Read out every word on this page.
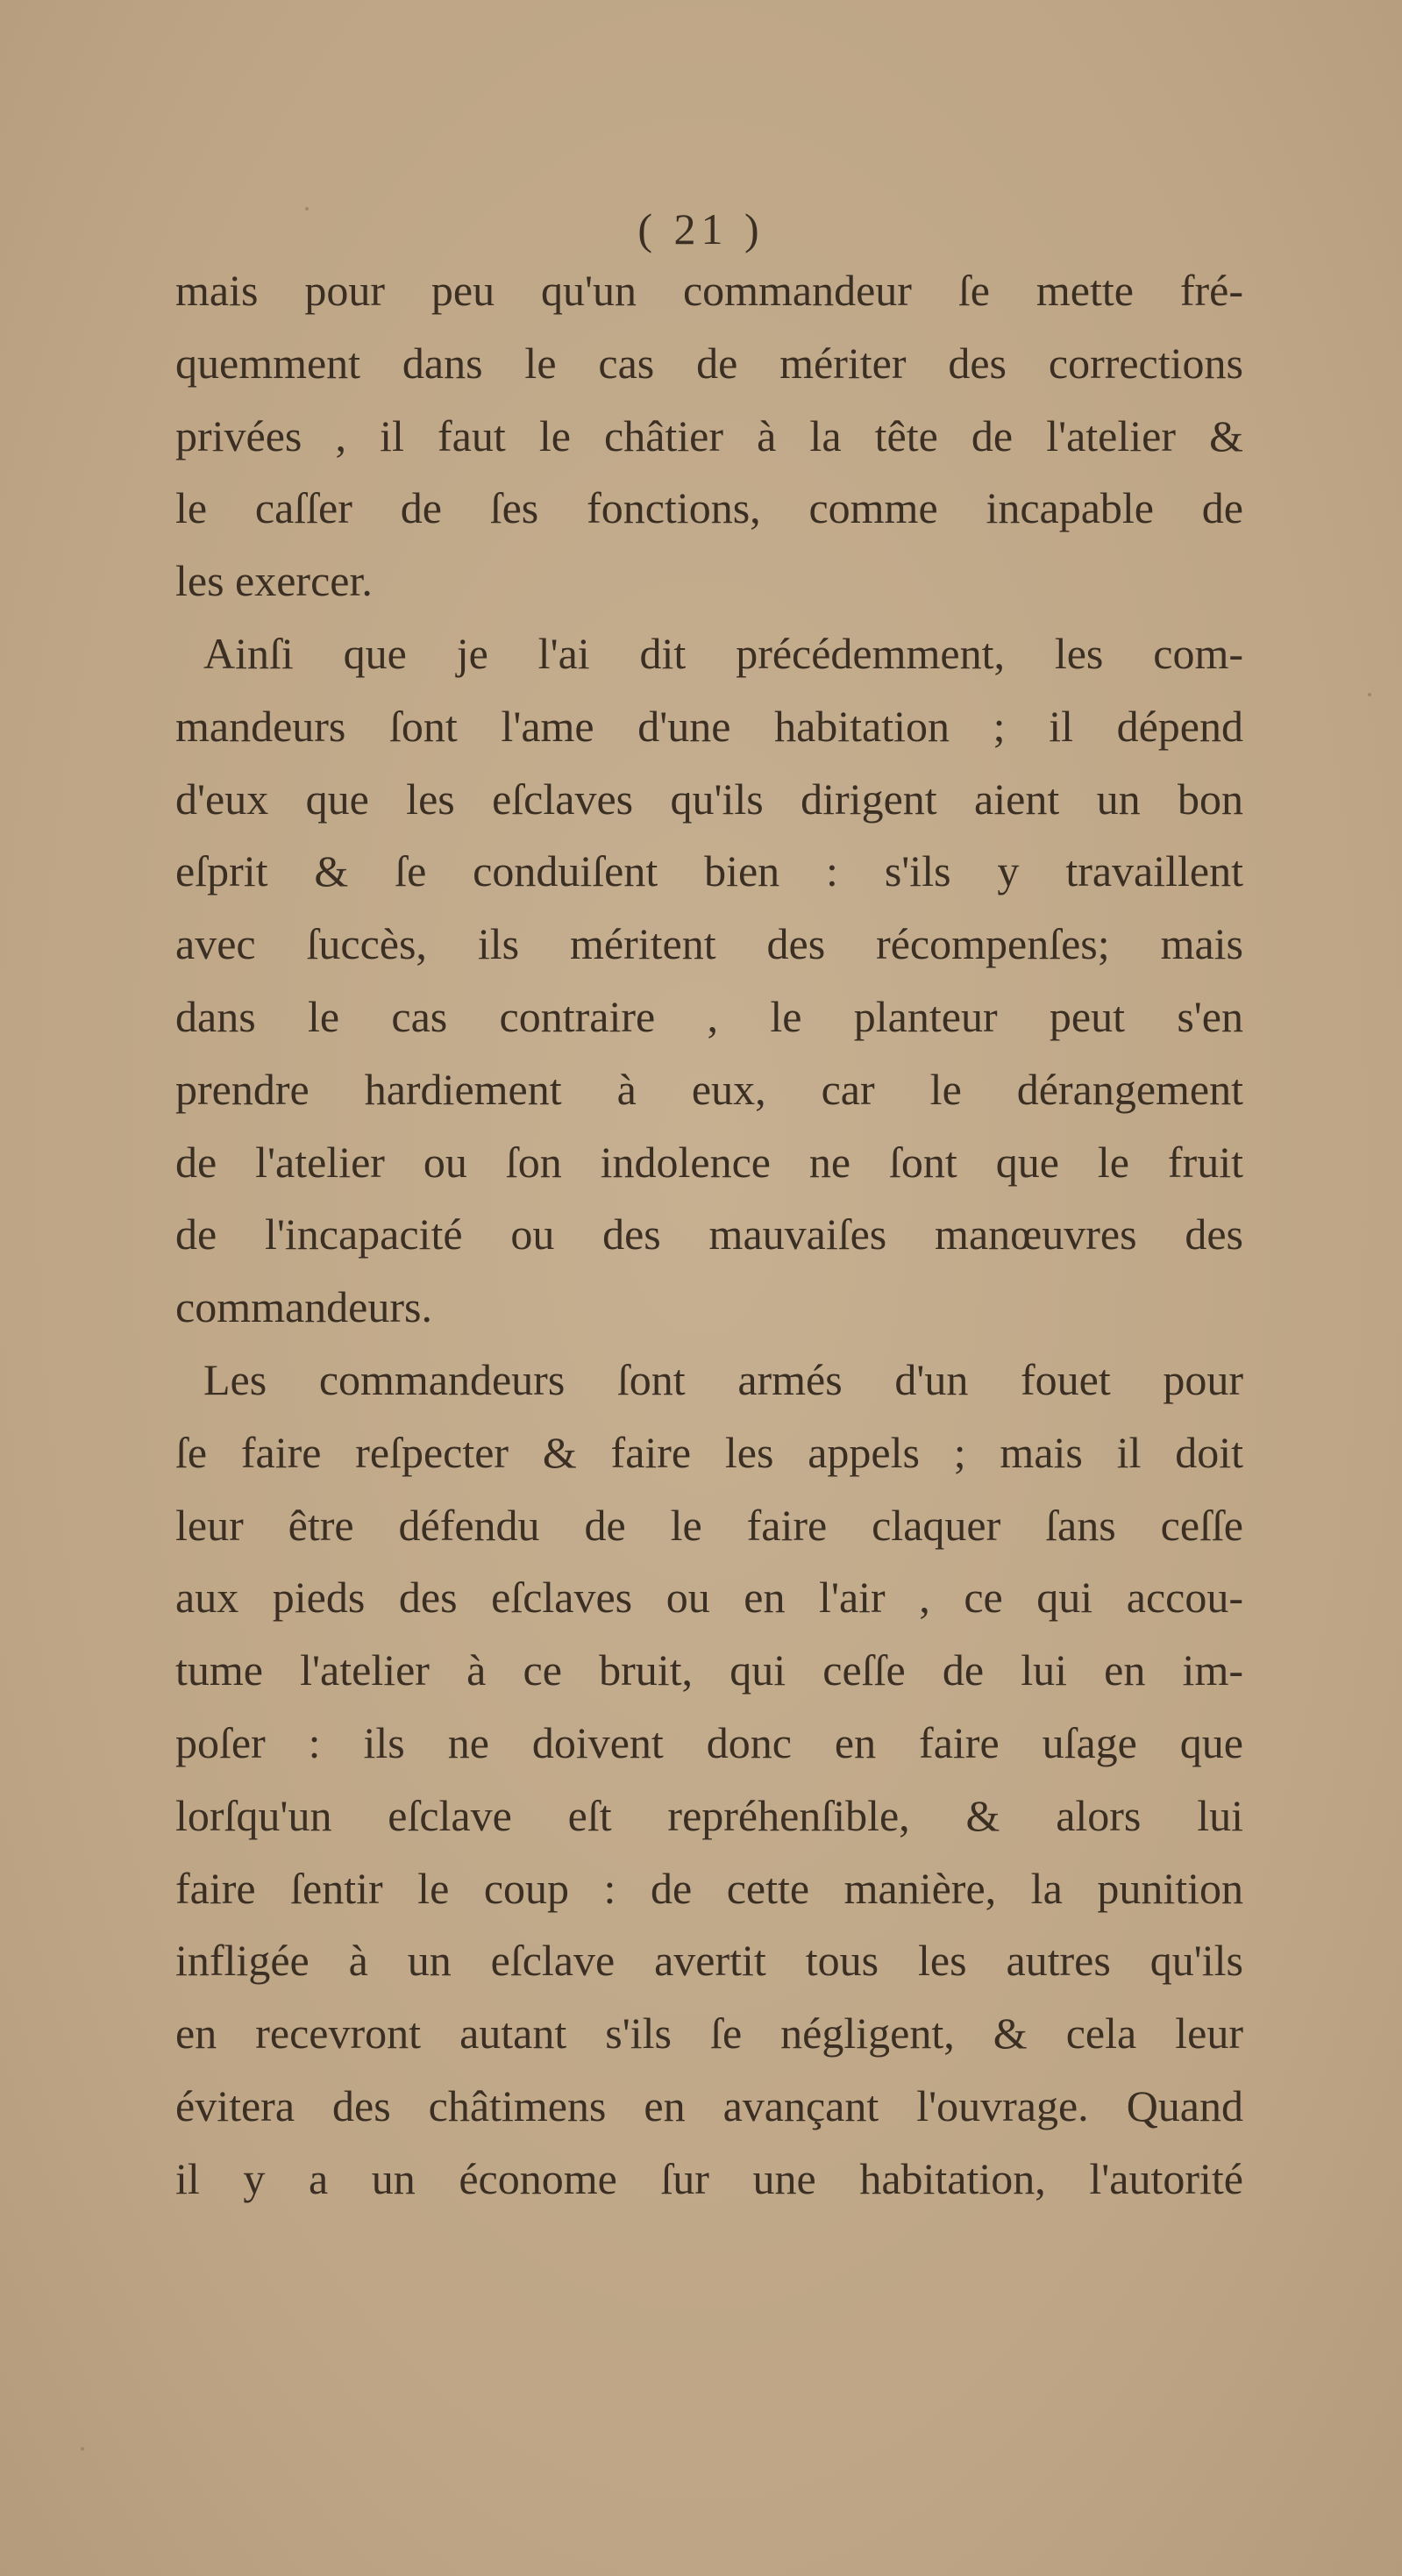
( 21 )
mais pour peu qu'un commandeur ſe mette fré-
quemment dans le cas de mériter des corrections
privées , il faut le châtier à la tête de l'atelier &
le caſſer de ſes fonctions, comme incapable de
les exercer.
Ainſi que je l'ai dit précédemment, les com-
mandeurs ſont l'ame d'une habitation ; il dépend
d'eux que les eſclaves qu'ils dirigent aient un bon
eſprit & ſe conduiſent bien : s'ils y travaillent
avec ſuccès, ils méritent des récompenſes; mais
dans le cas contraire , le planteur peut s'en
prendre hardiement à eux, car le dérangement
de l'atelier ou ſon indolence ne ſont que le fruit
de l'incapacité ou des mauvaiſes manœuvres des
commandeurs.
Les commandeurs ſont armés d'un fouet pour
ſe faire reſpecter & faire les appels ; mais il doit
leur être défendu de le faire claquer ſans ceſſe
aux pieds des eſclaves ou en l'air , ce qui accou-
tume l'atelier à ce bruit, qui ceſſe de lui en im-
poſer : ils ne doivent donc en faire uſage que
lorſqu'un eſclave eſt repréhenſible, & alors lui
faire ſentir le coup : de cette manière, la punition
infligée à un eſclave avertit tous les autres qu'ils
en recevront autant s'ils ſe négligent, & cela leur
évitera des châtimens en avançant l'ouvrage. Quand
il y a un économe ſur une habitation, l'autorité
